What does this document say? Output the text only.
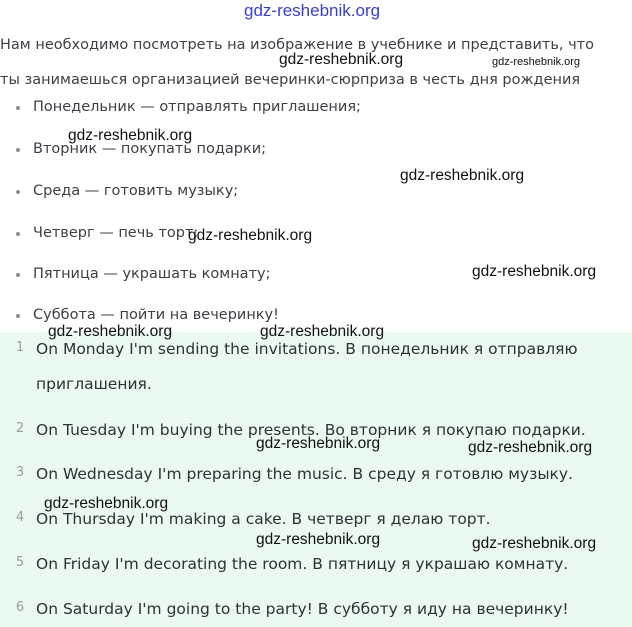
gdz-reshebnik.org
Нам необходимо посмотреть на изображение в учебнике и представить, что
ты занимаешься организацией вечеринки-сюрприза в честь дня рождения
Понедельник — отправлять приглашения;
Вторник — покупать подарки;
Среда — готовить музыку;
Четверг — печь торт;
Пятница — украшать комнату;
Суббота — пойти на вечеринку!
1 On Monday I'm sending the invitations. В понедельник я отправляю приглашения.
2 On Tuesday I'm buying the presents. Во вторник я покупаю подарки.
3 On Wednesday I'm preparing the music. В среду я готовлю музыку.
4 On Thursday I'm making a cake. В четверг я делаю торт.
5 On Friday I'm decorating the room. В пятницу я украшаю комнату.
6 On Saturday I'm going to the party! В субботу я иду на вечеринку!
gdz-reshebnik.org	gdz-reshebnik.org
gdz-reshebnik.org
gdz-reshebnik.org
gdz-reshebnik.org
gdz-reshebnik.org
gdz-reshebnik.org	gdz-reshebnik.org
gdz-reshebnik.org	gdz-reshebnik.org
gdz-reshebnik.org
gdz-reshebnik.org	gdz-reshebnik.org
